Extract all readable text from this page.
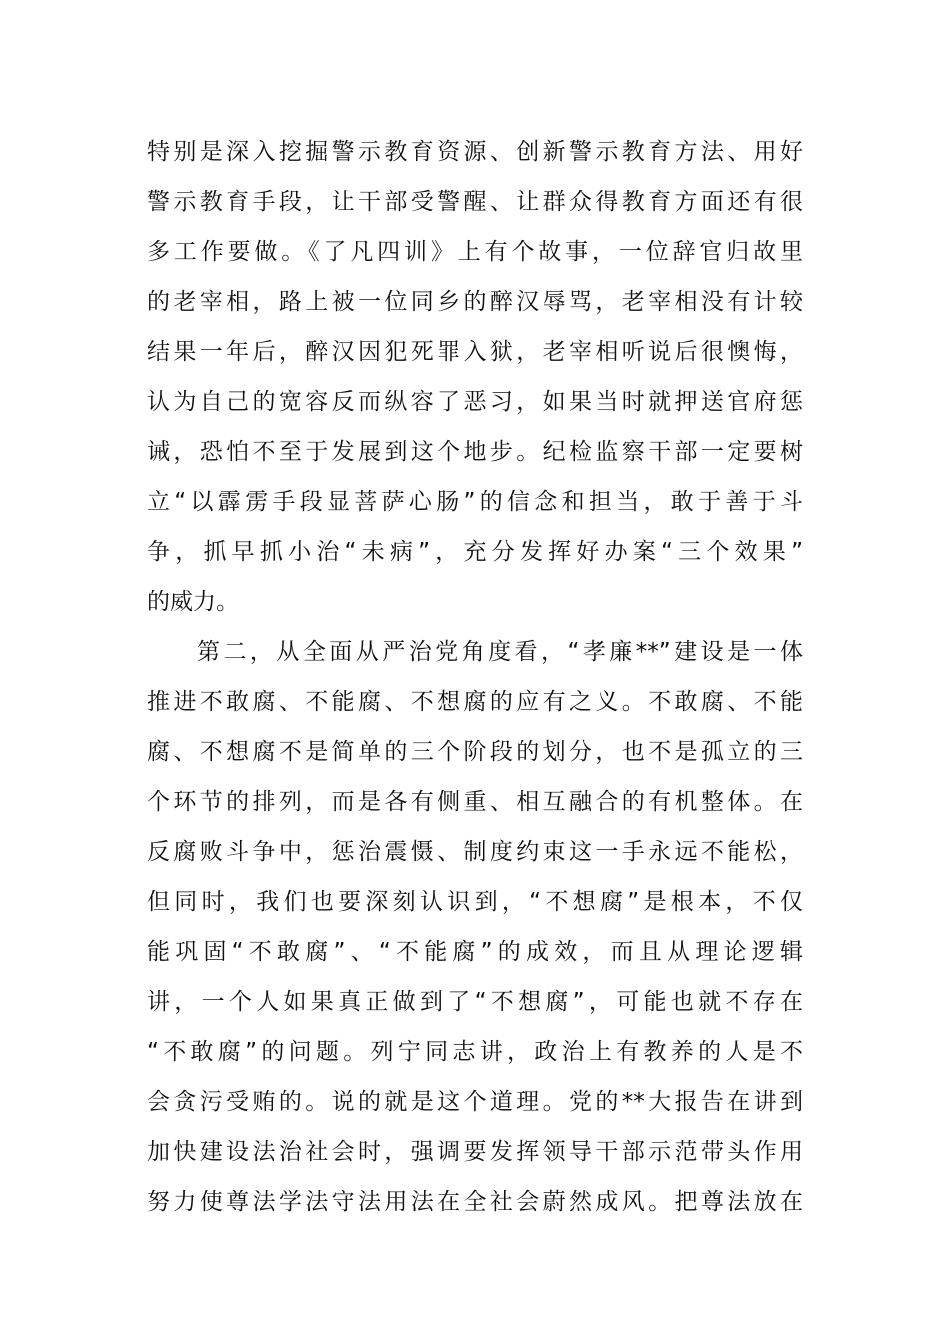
特别是深入挖掘警示教育资源、创新警示教育方法、用好
警示教育手段，让干部受警醒、让群众得教育方面还有很
多工作要做。《了凡四训》上有个故事，一位辞官归故里
的老宰相，路上被一位同乡的醉汉辱骂，老宰相没有计较
结果一年后，醉汉因犯死罪入狱，老宰相听说后很懊悔，
认为自己的宽容反而纵容了恶习，如果当时就押送官府惩
诫，恐怕不至于发展到这个地步。纪检监察干部一定要树
立“以霹雳手段显菩萨心肠”的信念和担当，敢于善于斗
争，抓早抓小治“未病”，充分发挥好办案“三个效果”
的威力。
第二，从全面从严治党角度看，“孝廉**”建设是一体
推进不敢腐、不能腐、不想腐的应有之义。不敢腐、不能
腐、不想腐不是简单的三个阶段的划分，也不是孤立的三
个环节的排列，而是各有侧重、相互融合的有机整体。在
反腐败斗争中，惩治震慑、制度约束这一手永远不能松，
但同时，我们也要深刻认识到，“不想腐”是根本，不仅
能巩固“不敢腐”、“不能腐”的成效，而且从理论逻辑
讲，一个人如果真正做到了“不想腐”，可能也就不存在
“不敢腐”的问题。列宁同志讲，政治上有教养的人是不
会贪污受贿的。说的就是这个道理。党的**大报告在讲到
加快建设法治社会时，强调要发挥领导干部示范带头作用
努力使尊法学法守法用法在全社会蔚然成风。把尊法放在
